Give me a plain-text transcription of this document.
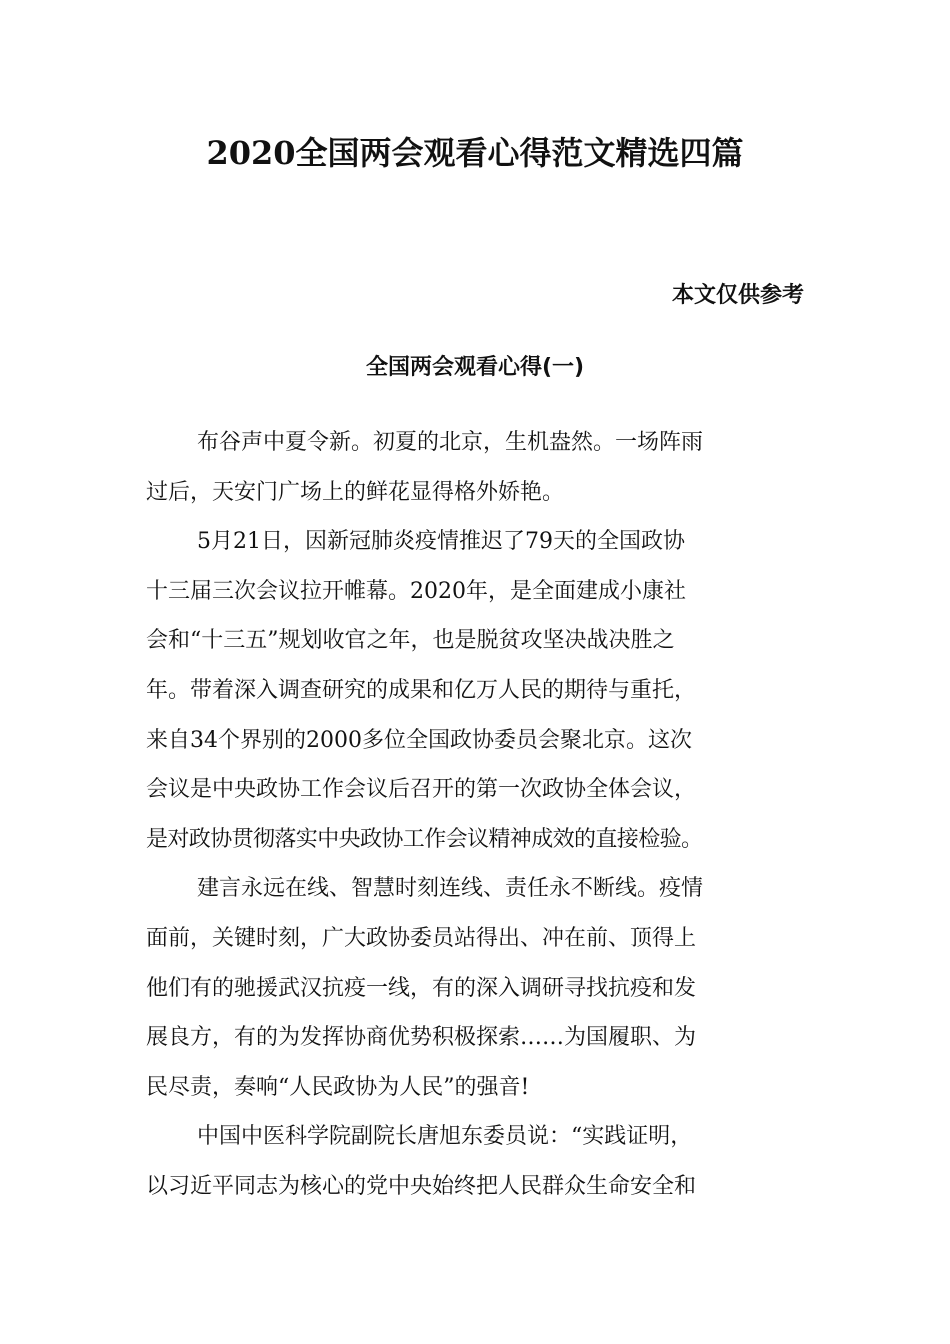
2020全国两会观看心得范文精选四篇
本文仅供参考
全国两会观看心得(一)

布谷声中夏令新。初夏的北京，生机盎然。一场阵雨
过后，天安门广场上的鲜花显得格外娇艳。

5月21日，因新冠肺炎疫情推迟了79天的全国政协
十三届三次会议拉开帷幕。2020年，是全面建成小康社
会和“十三五”规划收官之年，也是脱贫攻坚决战决胜之
年。带着深入调查研究的成果和亿万人民的期待与重托，
来自34个界别的2000多位全国政协委员会聚北京。这次
会议是中央政协工作会议后召开的第一次政协全体会议，
是对政协贯彻落实中央政协工作会议精神成效的直接检验。

建言永远在线、智慧时刻连线、责任永不断线。疫情
面前，关键时刻，广大政协委员站得出、冲在前、顶得上
他们有的驰援武汉抗疫一线，有的深入调研寻找抗疫和发
展良方，有的为发挥协商优势积极探索……为国履职、为
民尽责，奏响“人民政协为人民”的强音!

中国中医科学院副院长唐旭东委员说：“实践证明，
以习近平同志为核心的党中央始终把人民群众生命安全和
